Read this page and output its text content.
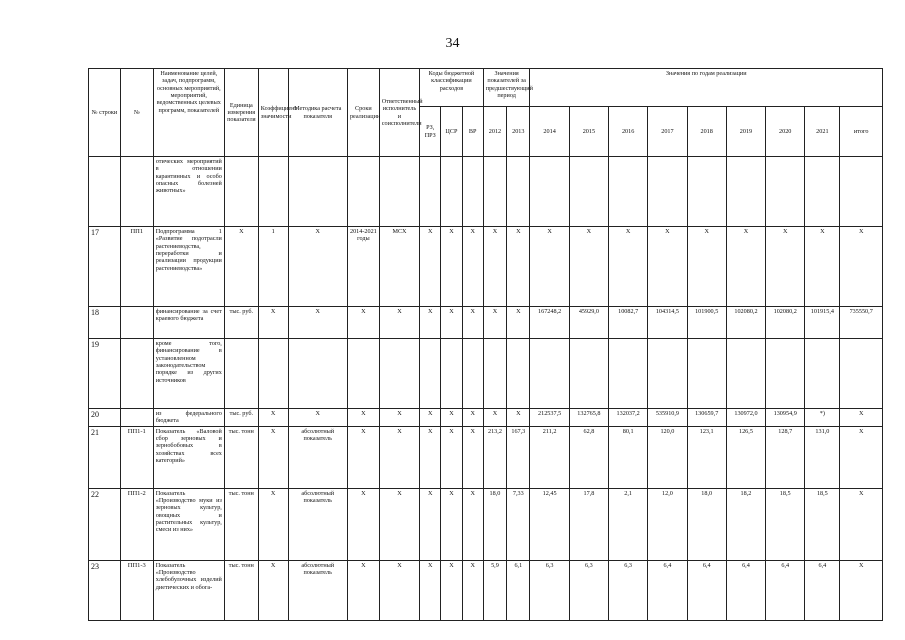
34
№ строки	№	Наименование целей, задач, подпрограмм, основных мероприятий, мероприятий, ведомственных целевых программ, показателей	Единица измерения показателя	Коэффициент значимости	Методика расчета показателя	Сроки реализации	Ответственный исполнитель и соисполнители	Коды бюджетной классификации расходов			Значения показателей за предшествующий период		Значения по годам реализации								
								РЗ, ПРЗ	ЦСР	ВР	2012	2013	2014	2015	2016	2017	2018	2019	2020	2021	итого
		отических мероприятий в отношении карантинных и особо опасных болезней животных»																			
17	ПП1	Подпрограмма 1 «Развитие подотрасли растениеводства, переработки и реализации продукции растениеводства»	X	1	X	2014-2021 годы	МСХ	X	X	X	X	X	X	X	X	X	X	X	X	X	X
18		финансирование за счет краевого бюджета	тыс. руб.	X	X	X	X	X	X	X	X	X	167248,2	45929,0	10082,7	104314,5	101900,5	102080,2	102080,2	101915,4	735550,7
19		кроме того, финансирование в установленном законодательством порядке из других источников																			
20		из федерального бюджета	тыс. руб.	X	X	X	X	X	X	X	X	X	212537,5	132765,8	132037,2	535910,9	130659,7	130972,0	130954,9	*)	X
21	ПП1-1	Показатель «Валовой сбор зерновых и зернобобовых в хозяйствах всех категорий»	тыс. тонн	X	абсолютный показатель	X	X	X	X	X	213,2	167,3	211,2	62,8	80,1	120,0	123,1	126,5	128,7	131,0	X
22	ПП1-2	Показатель «Производство муки из зерновых культур, овощных и растительных культур, смеси из них»	тыс. тонн	X	абсолютный показатель	X	X	X	X	X	18,0	7,33	12,45	17,8	2,1	12,0	18,0	18,2	18,5	18,5	X
23	ПП1-3	Показатель «Производство хлебобулочных изделий диетических и обога-	тыс. тонн	X	абсолютный показатель	X	X	X	X	X	5,9	6,1	6,3	6,3	6,3	6,4	6,4	6,4	6,4	6,4	X
